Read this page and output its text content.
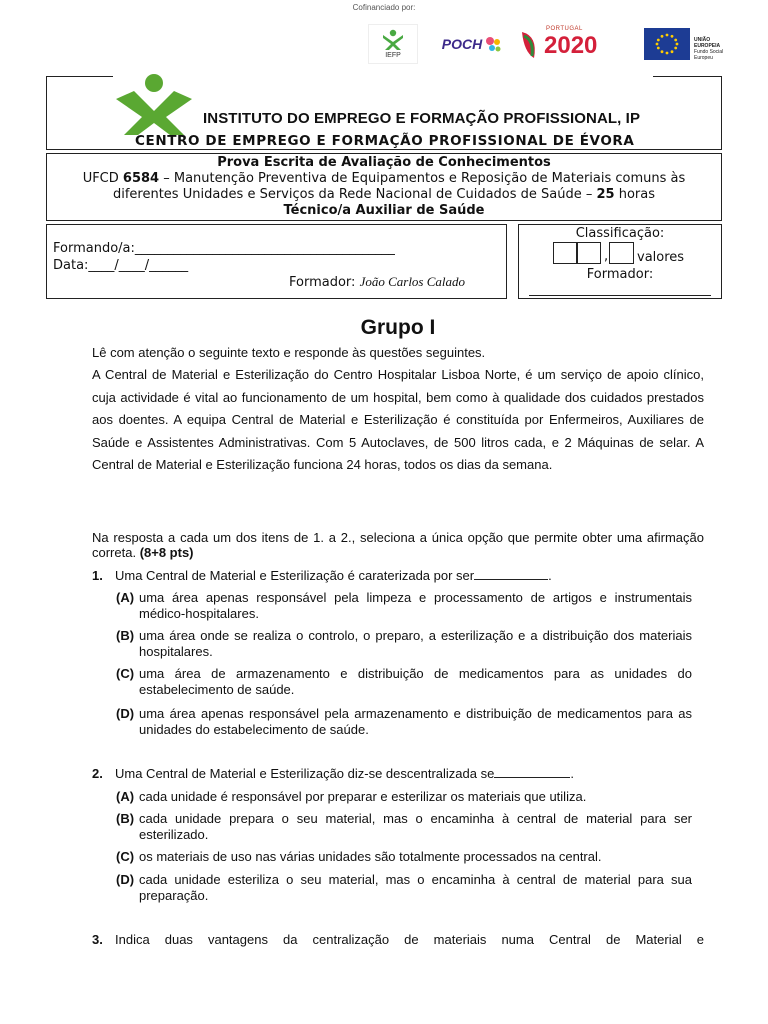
Cofinanciado por:
IEFP
POCH
PORTUGAL
2020	UNIÃO EUROPEIA
Fundo Social Europeu
INSTITUTO DO EMPREGO E FORMAÇÃO PROFISSIONAL, IP
CENTRO DE EMPREGO E FORMAÇÃO PROFISSIONAL DE ÉVORA
Prova Escrita de Avaliação de Conhecimentos
UFCD 6584 – Manutenção Preventiva de Equipamentos e Reposição de Materiais comuns às
diferentes Unidades e Serviços da Rede Nacional de Cuidados de Saúde – 25 horas
Técnico/a Auxiliar de Saúde
Formando/a:________________________________________
Data:____/____/______
Formador: João Carlos Calado
Classificação:
, valores
Formador:
Grupo I
Lê com atenção o seguinte texto e responde às questões seguintes.
A Central de Material e Esterilização do Centro Hospitalar Lisboa Norte, é um serviço de apoio clínico, cuja actividade é vital ao funcionamento de um hospital, bem como à qualidade dos cuidados prestados aos doentes. A equipa Central de Material e Esterilização é constituída por Enfermeiros, Auxiliares de Saúde e Assistentes Administrativas. Com 5 Autoclaves, de 500 litros cada, e 2 Máquinas de selar. A Central de Material e Esterilização funciona 24 horas, todos os dias da semana.
Na resposta a cada um dos itens de 1. a 2., seleciona a única opção que permite obter uma afirmação correta. (8+8 pts)
1. Uma Central de Material e Esterilização é caraterizada por ser	.
(A) uma área apenas responsável pela limpeza e processamento de artigos e instrumentais médico-hospitalares.
(B) uma área onde se realiza o controlo, o preparo, a esterilização e a distribuição dos materiais hospitalares.
(C) uma área de armazenamento e distribuição de medicamentos para as unidades do estabelecimento de saúde.
(D) uma área apenas responsável pela armazenamento e distribuição de medicamentos para as unidades do estabelecimento de saúde.
2. Uma Central de Material e Esterilização diz-se descentralizada se	.
(A) cada unidade é responsável por preparar e esterilizar os materiais que utiliza.
(B) cada unidade prepara o seu material, mas o encaminha à central de material para ser esterilizado.
(C) os materiais de uso nas várias unidades são totalmente processados na central.
(D) cada unidade esteriliza o seu material, mas o encaminha à central de material para sua preparação.
3. Indica duas vantagens da centralização de materiais numa Central de Material e
